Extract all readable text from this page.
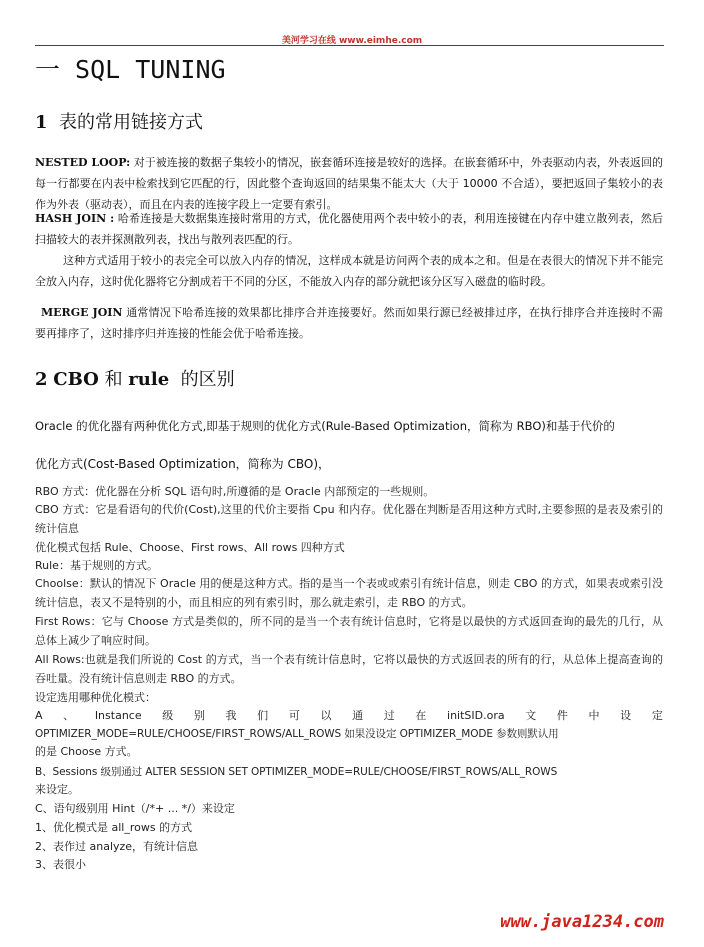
美河学习在线 www.eimhe.com
一 SQL TUNING
1 表的常用链接方式

NESTED LOOP: 对于被连接的数据子集较小的情况，嵌套循环连接是较好的选择。在嵌套循环中，外表驱动内表，外表返回的每一行都要在内表中检索找到它匹配的行，因此整个查询返回的结果集不能太大（大于 10000 不合适），要把返回子集较小的表作为外表（驱动表），而且在内表的连接字段上一定要有索引。

HASH JOIN : 哈希连接是大数据集连接时常用的方式，优化器使用两个表中较小的表，利用连接键在内存中建立散列表，然后扫描较大的表并探测散列表，找出与散列表匹配的行。

这种方式适用于较小的表完全可以放入内存的情况，这样成本就是访问两个表的成本之和。但是在表很大的情况下并不能完全放入内存，这时优化器将它分割成若干不同的分区，不能放入内存的部分就把该分区写入磁盘的临时段。

MERGE JOIN 通常情况下哈希连接的效果都比排序合并连接要好。然而如果行源已经被排过序，在执行排序合并连接时不需要再排序了，这时排序归并连接的性能会优于哈希连接。

2 CBO 和 rule 的区别

Oracle 的优化器有两种优化方式,即基于规则的优化方式(Rule-Based Optimization，简称为 RBO)和基于代价的

优化方式(Cost-Based Optimization，简称为 CBO)，

RBO 方式：优化器在分析 SQL 语句时,所遵循的是 Oracle 内部预定的一些规则。

CBO 方式：它是看语句的代价(Cost),这里的代价主要指 Cpu 和内存。优化器在判断是否用这种方式时,主要参照的是表及索引的统计信息

优化模式包括 Rule、Choose、First rows、All rows 四种方式

Rule：基于规则的方式。

Choolse：默认的情况下 Oracle 用的便是这种方式。指的是当一个表或或索引有统计信息，则走 CBO 的方式，如果表或索引没统计信息，表又不是特别的小，而且相应的列有索引时，那么就走索引，走 RBO 的方式。

First Rows：它与 Choose 方式是类似的，所不同的是当一个表有统计信息时，它将是以最快的方式返回查询的最先的几行，从总体上减少了响应时间。

All Rows:也就是我们所说的 Cost 的方式，当一个表有统计信息时，它将以最快的方式返回表的所有的行，从总体上提高查询的吞吐量。没有统计信息则走 RBO 的方式。

设定选用哪种优化模式：

A 、 Instance 级 别 我 们 可 以 通 过 在 initSID.ora 文 件 中 设 定

OPTIMIZER_MODE=RULE/CHOOSE/FIRST_ROWS/ALL_ROWS 如果没设定 OPTIMIZER_MODE 参数则默认用

的是 Choose 方式。

B、Sessions 级别通过 ALTER SESSION SET OPTIMIZER_MODE=RULE/CHOOSE/FIRST_ROWS/ALL_ROWS

来设定。

C、语句级别用 Hint（/*+ ... */）来设定

1、优化模式是 all_rows 的方式

2、表作过 analyze，有统计信息

3、表很小

www.java1234.com
